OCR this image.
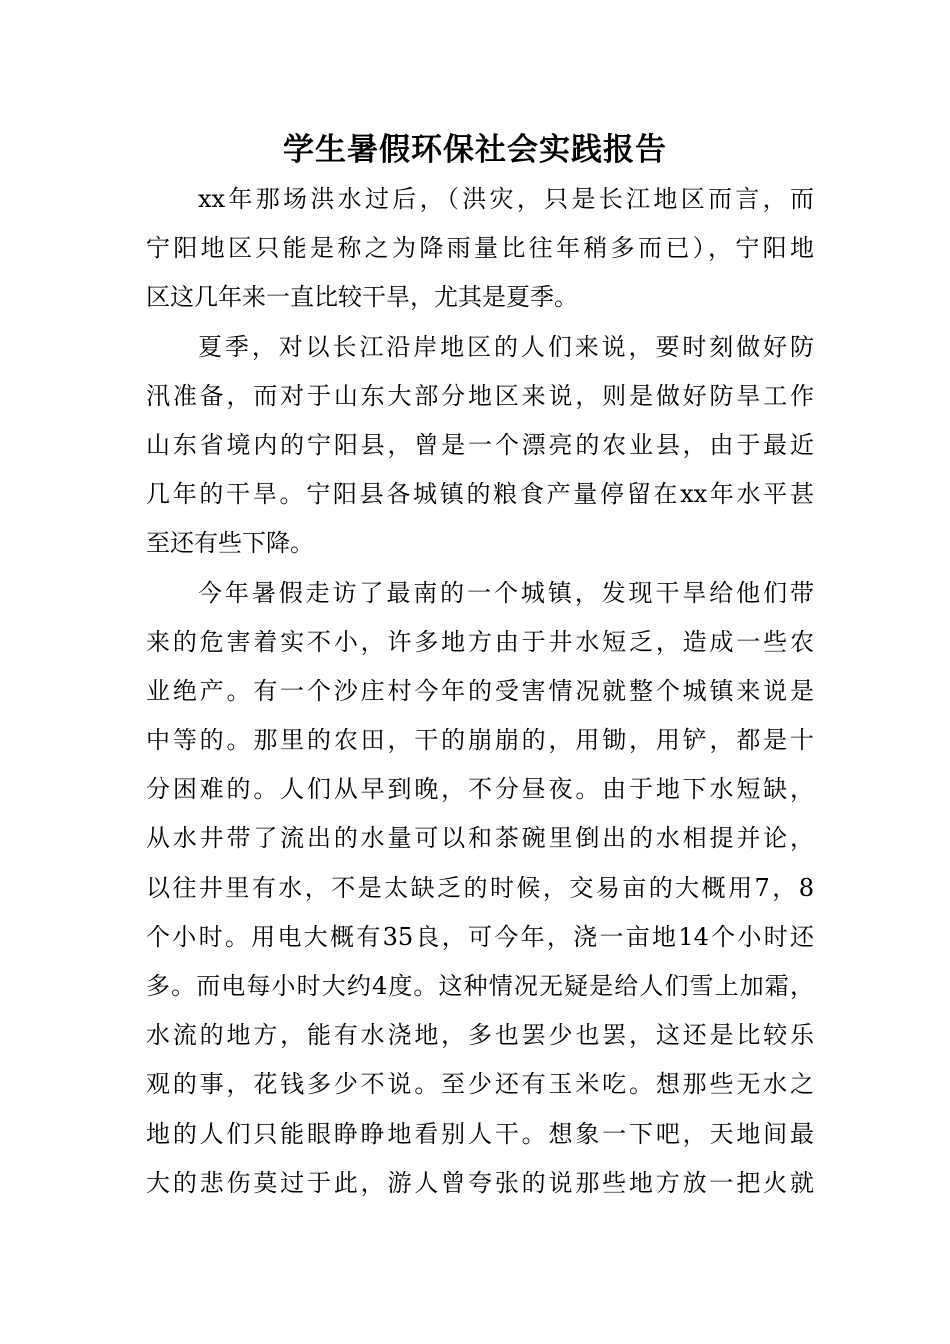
学生暑假环保社会实践报告
xx年那场洪水过后，（洪灾，只是长江地区而言，而
宁阳地区只能是称之为降雨量比往年稍多而已），宁阳地
区这几年来一直比较干旱，尤其是夏季。
夏季，对以长江沿岸地区的人们来说，要时刻做好防
汛准备，而对于山东大部分地区来说，则是做好防旱工作
山东省境内的宁阳县，曾是一个漂亮的农业县，由于最近
几年的干旱。宁阳县各城镇的粮食产量停留在xx年水平甚
至还有些下降。
今年暑假走访了最南的一个城镇，发现干旱给他们带
来的危害着实不小，许多地方由于井水短乏，造成一些农
业绝产。有一个沙庄村今年的受害情况就整个城镇来说是
中等的。那里的农田，干的崩崩的，用锄，用铲，都是十
分困难的。人们从早到晚，不分昼夜。由于地下水短缺，
从水井带了流出的水量可以和茶碗里倒出的水相提并论，
以往井里有水，不是太缺乏的时候，交易亩的大概用7，8
个小时。用电大概有35良，可今年，浇一亩地14个小时还
多。而电每小时大约4度。这种情况无疑是给人们雪上加霜，
水流的地方，能有水浇地，多也罢少也罢，这还是比较乐
观的事，花钱多少不说。至少还有玉米吃。想那些无水之
地的人们只能眼睁睁地看别人干。想象一下吧，天地间最
大的悲伤莫过于此，游人曾夸张的说那些地方放一把火就
